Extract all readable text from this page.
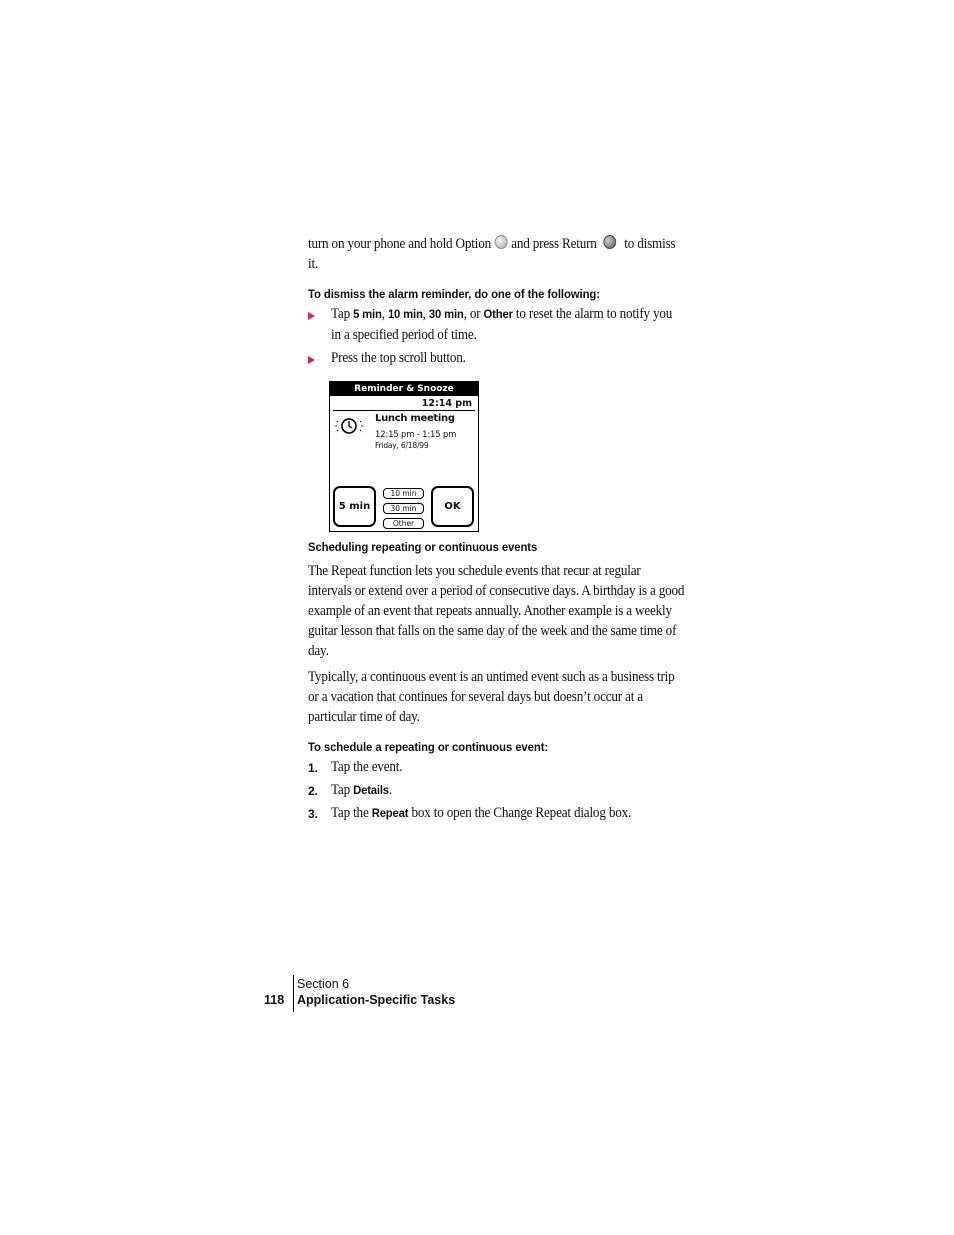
turn on your phone and hold Option and press Return to dismiss
it.
To dismiss the alarm reminder, do one of the following:
Tap 5 min, 10 min, 30 min, or Other to reset the alarm to notify you
in a specified period of time.
Press the top scroll button.
Reminder & Snooze
12:14 pm
Lunch meeting
12:15 pm - 1:15 pm
Friday, 6/18/99
5 min
10 min
30 min
Other
OK
Scheduling repeating or continuous events
The Repeat function lets you schedule events that recur at regular
intervals or extend over a period of consecutive days. A birthday is a good
example of an event that repeats annually. Another example is a weekly
guitar lesson that falls on the same day of the week and the same time of
day.
Typically, a continuous event is an untimed event such as a business trip
or a vacation that continues for several days but doesn’t occur at a
particular time of day.
To schedule a repeating or continuous event:
1. Tap the event.
2. Tap Details.
3. Tap the Repeat box to open the Change Repeat dialog box.
Section 6
118 Application-Specific Tasks
